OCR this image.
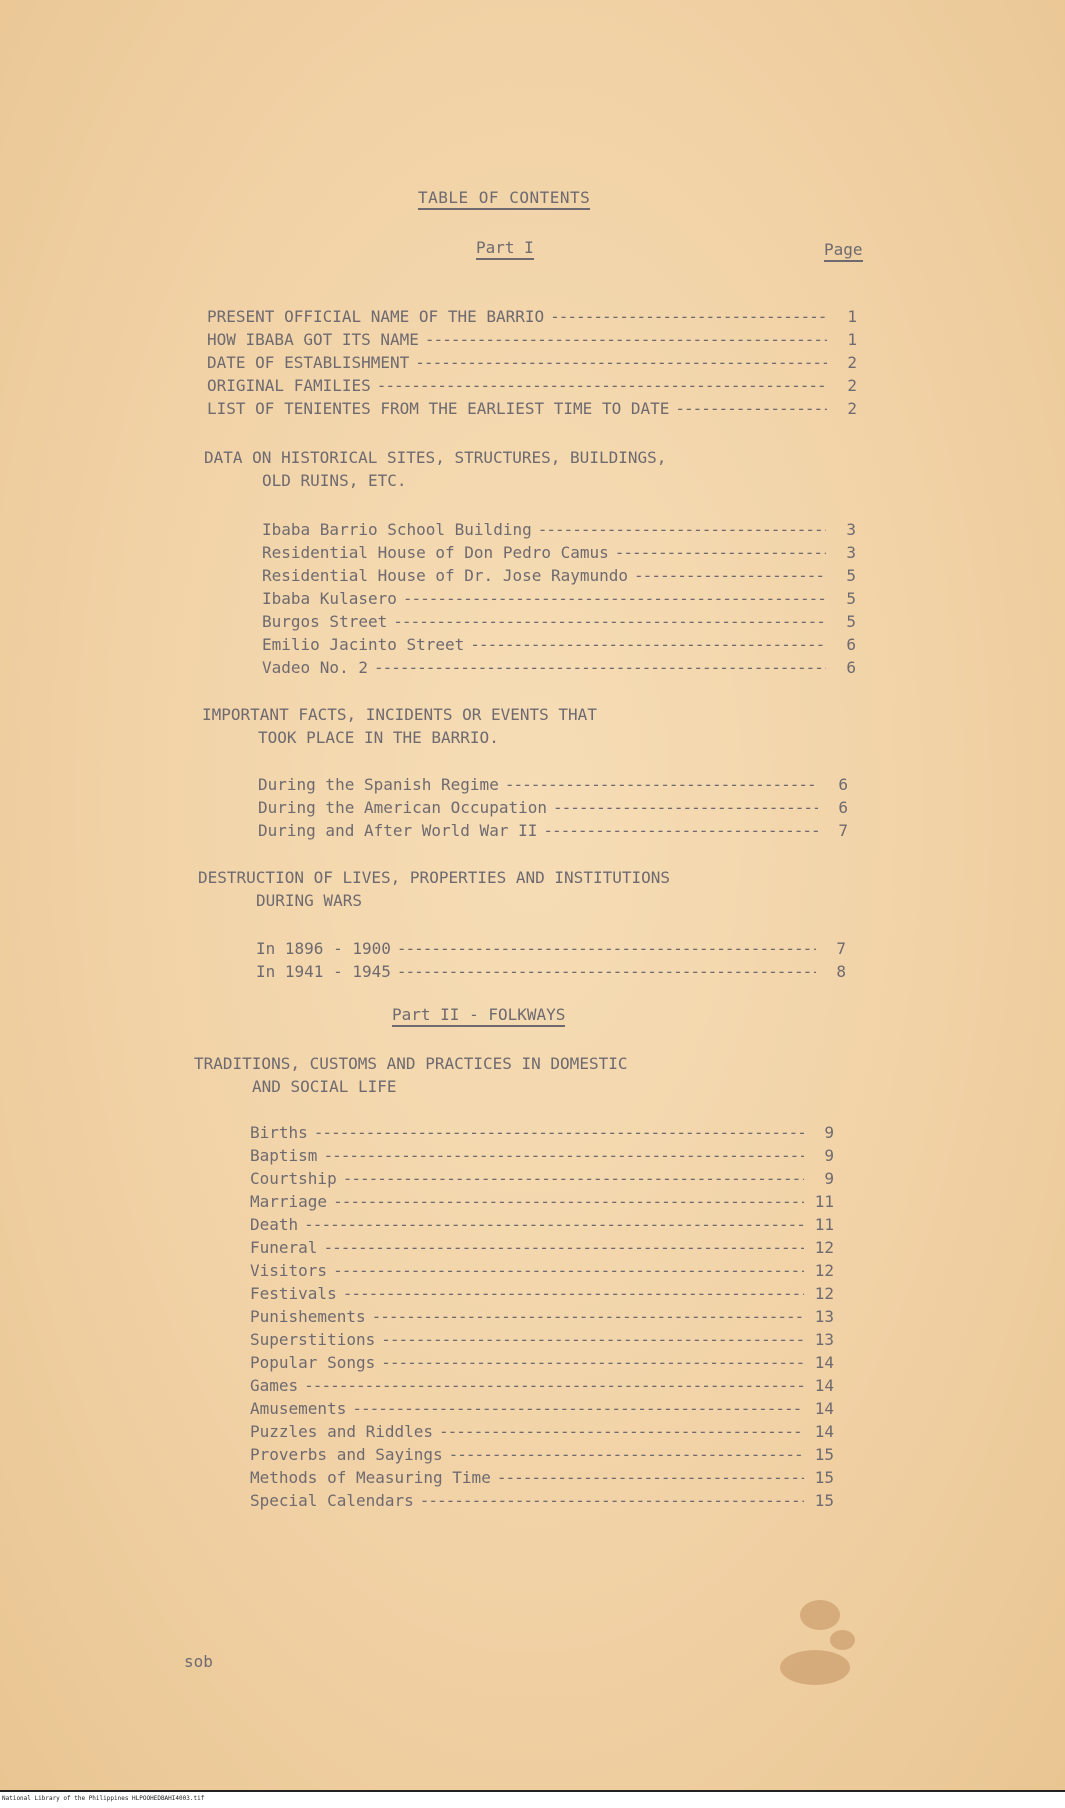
TABLE OF CONTENTS
Part I	Page
PRESENT OFFICIAL NAME OF THE BARRIO -----	1
HOW IBABA GOT ITS NAME -----	1
DATE OF ESTABLISHMENT -----	2
ORIGINAL FAMILIES -----	2
LIST OF TENIENTES FROM THE EARLIEST TIME TO DATE -----	2
DATA ON HISTORICAL SITES, STRUCTURES, BUILDINGS,
OLD RUINS, ETC.
Ibaba Barrio School Building -----	3
Residential House of Don Pedro Camus -----	3
Residential House of Dr. Jose Raymundo -----	5
Ibaba Kulasero -----	5
Burgos Street -----	5
Emilio Jacinto Street -----	6
Vadeo No. 2 -----	6
IMPORTANT FACTS, INCIDENTS OR EVENTS THAT
TOOK PLACE IN THE BARRIO.
During the Spanish Regime -----	6
During the American Occupation -----	6
During and After World War II -----	7
DESTRUCTION OF LIVES, PROPERTIES AND INSTITUTIONS
DURING WARS
In 1896 - 1900 -----	7
In 1941 - 1945 -----	8
Part II - FOLKWAYS
TRADITIONS, CUSTOMS AND PRACTICES IN DOMESTIC
AND SOCIAL LIFE
Births -----	9
Baptism -----	9
Courtship -----	9
Marriage -----	11
Death -----	11
Funeral -----	12
Visitors -----	12
Festivals -----	12
Punishements -----	13
Superstitions -----	13
Popular Songs -----	14
Games -----	14
Amusements -----	14
Puzzles and Riddles -----	14
Proverbs and Sayings -----	15
Methods of Measuring Time -----	15
Special Calendars -----	15
sob
National Library of the Philippines HLPOOHEDBAHI4003.tif
